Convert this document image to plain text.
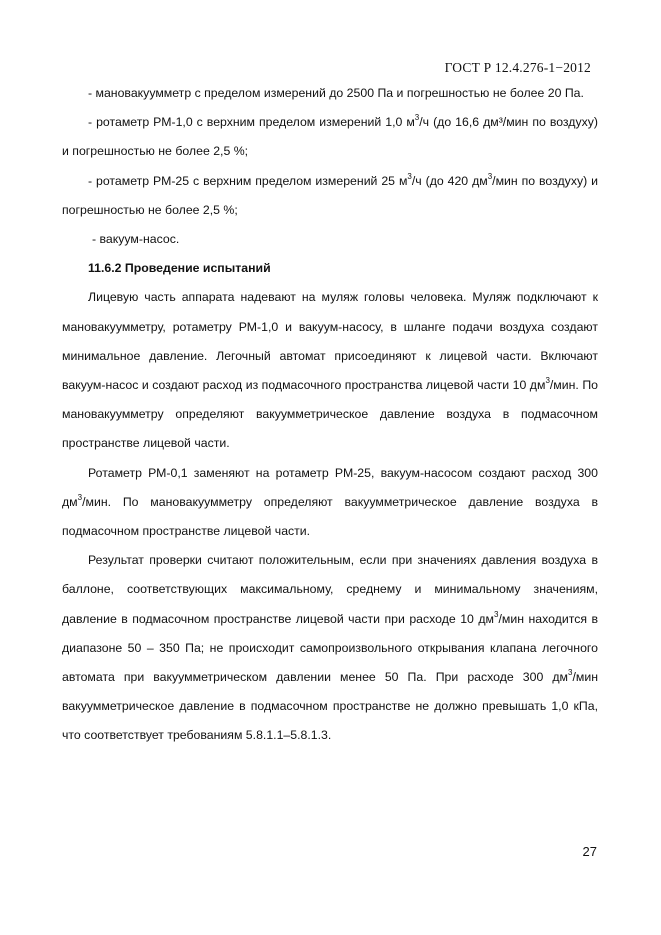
ГОСТ Р 12.4.276-1−2012

- мановакуумметр с пределом измерений до 2500 Па и погрешностью не более 20 Па.

- ротаметр РМ-1,0 с верхним пределом измерений 1,0 $м^3/ч$ (до 16,6 дм³/мин по воздуху) и погрешностью не более 2,5 %;

- ротаметр РМ-25 с верхним пределом измерений 25 $м^3/ч$ (до 420 $дм^3$/мин по воздуху) и погрешностью не более 2,5 %;

- вакуум-насос.

11.6.2 Проведение испытаний

Лицевую часть аппарата надевают на муляж головы человека. Муляж подключают к мановакуумметру, ротаметру РМ-1,0 и вакуум-насосу, в шланге подачи воздуха создают минимальное давление. Легочный автомат присоединяют к лицевой части. Включают вакуум-насос и создают расход из подмасочного пространства лицевой части 10 $дм^3$/мин. По мановакуумметру определяют вакуумметрическое давление воздуха в подмасочном пространстве лицевой части.

Ротаметр РМ-0,1 заменяют на ротаметр РМ-25, вакуум-насосом создают расход 300 $дм^3$/мин. По мановакуумметру определяют вакуумметрическое давление воздуха в подмасочном пространстве лицевой части.

Результат проверки считают положительным, если при значениях давления воздуха в баллоне, соответствующих максимальному, среднему и минимальному значениям, давление в подмасочном пространстве лицевой части при расходе 10 $дм^3$/мин находится в диапазоне 50 – 350 Па; не происходит самопроизвольного открывания клапана легочного автомата при вакуумметрическом давлении менее 50 Па. При расходе 300 $дм^3$/мин вакуумметрическое давление в подмасочном пространстве не должно превышать 1,0 кПа, что соответствует требованиям 5.8.1.1–5.8.1.3.

27
